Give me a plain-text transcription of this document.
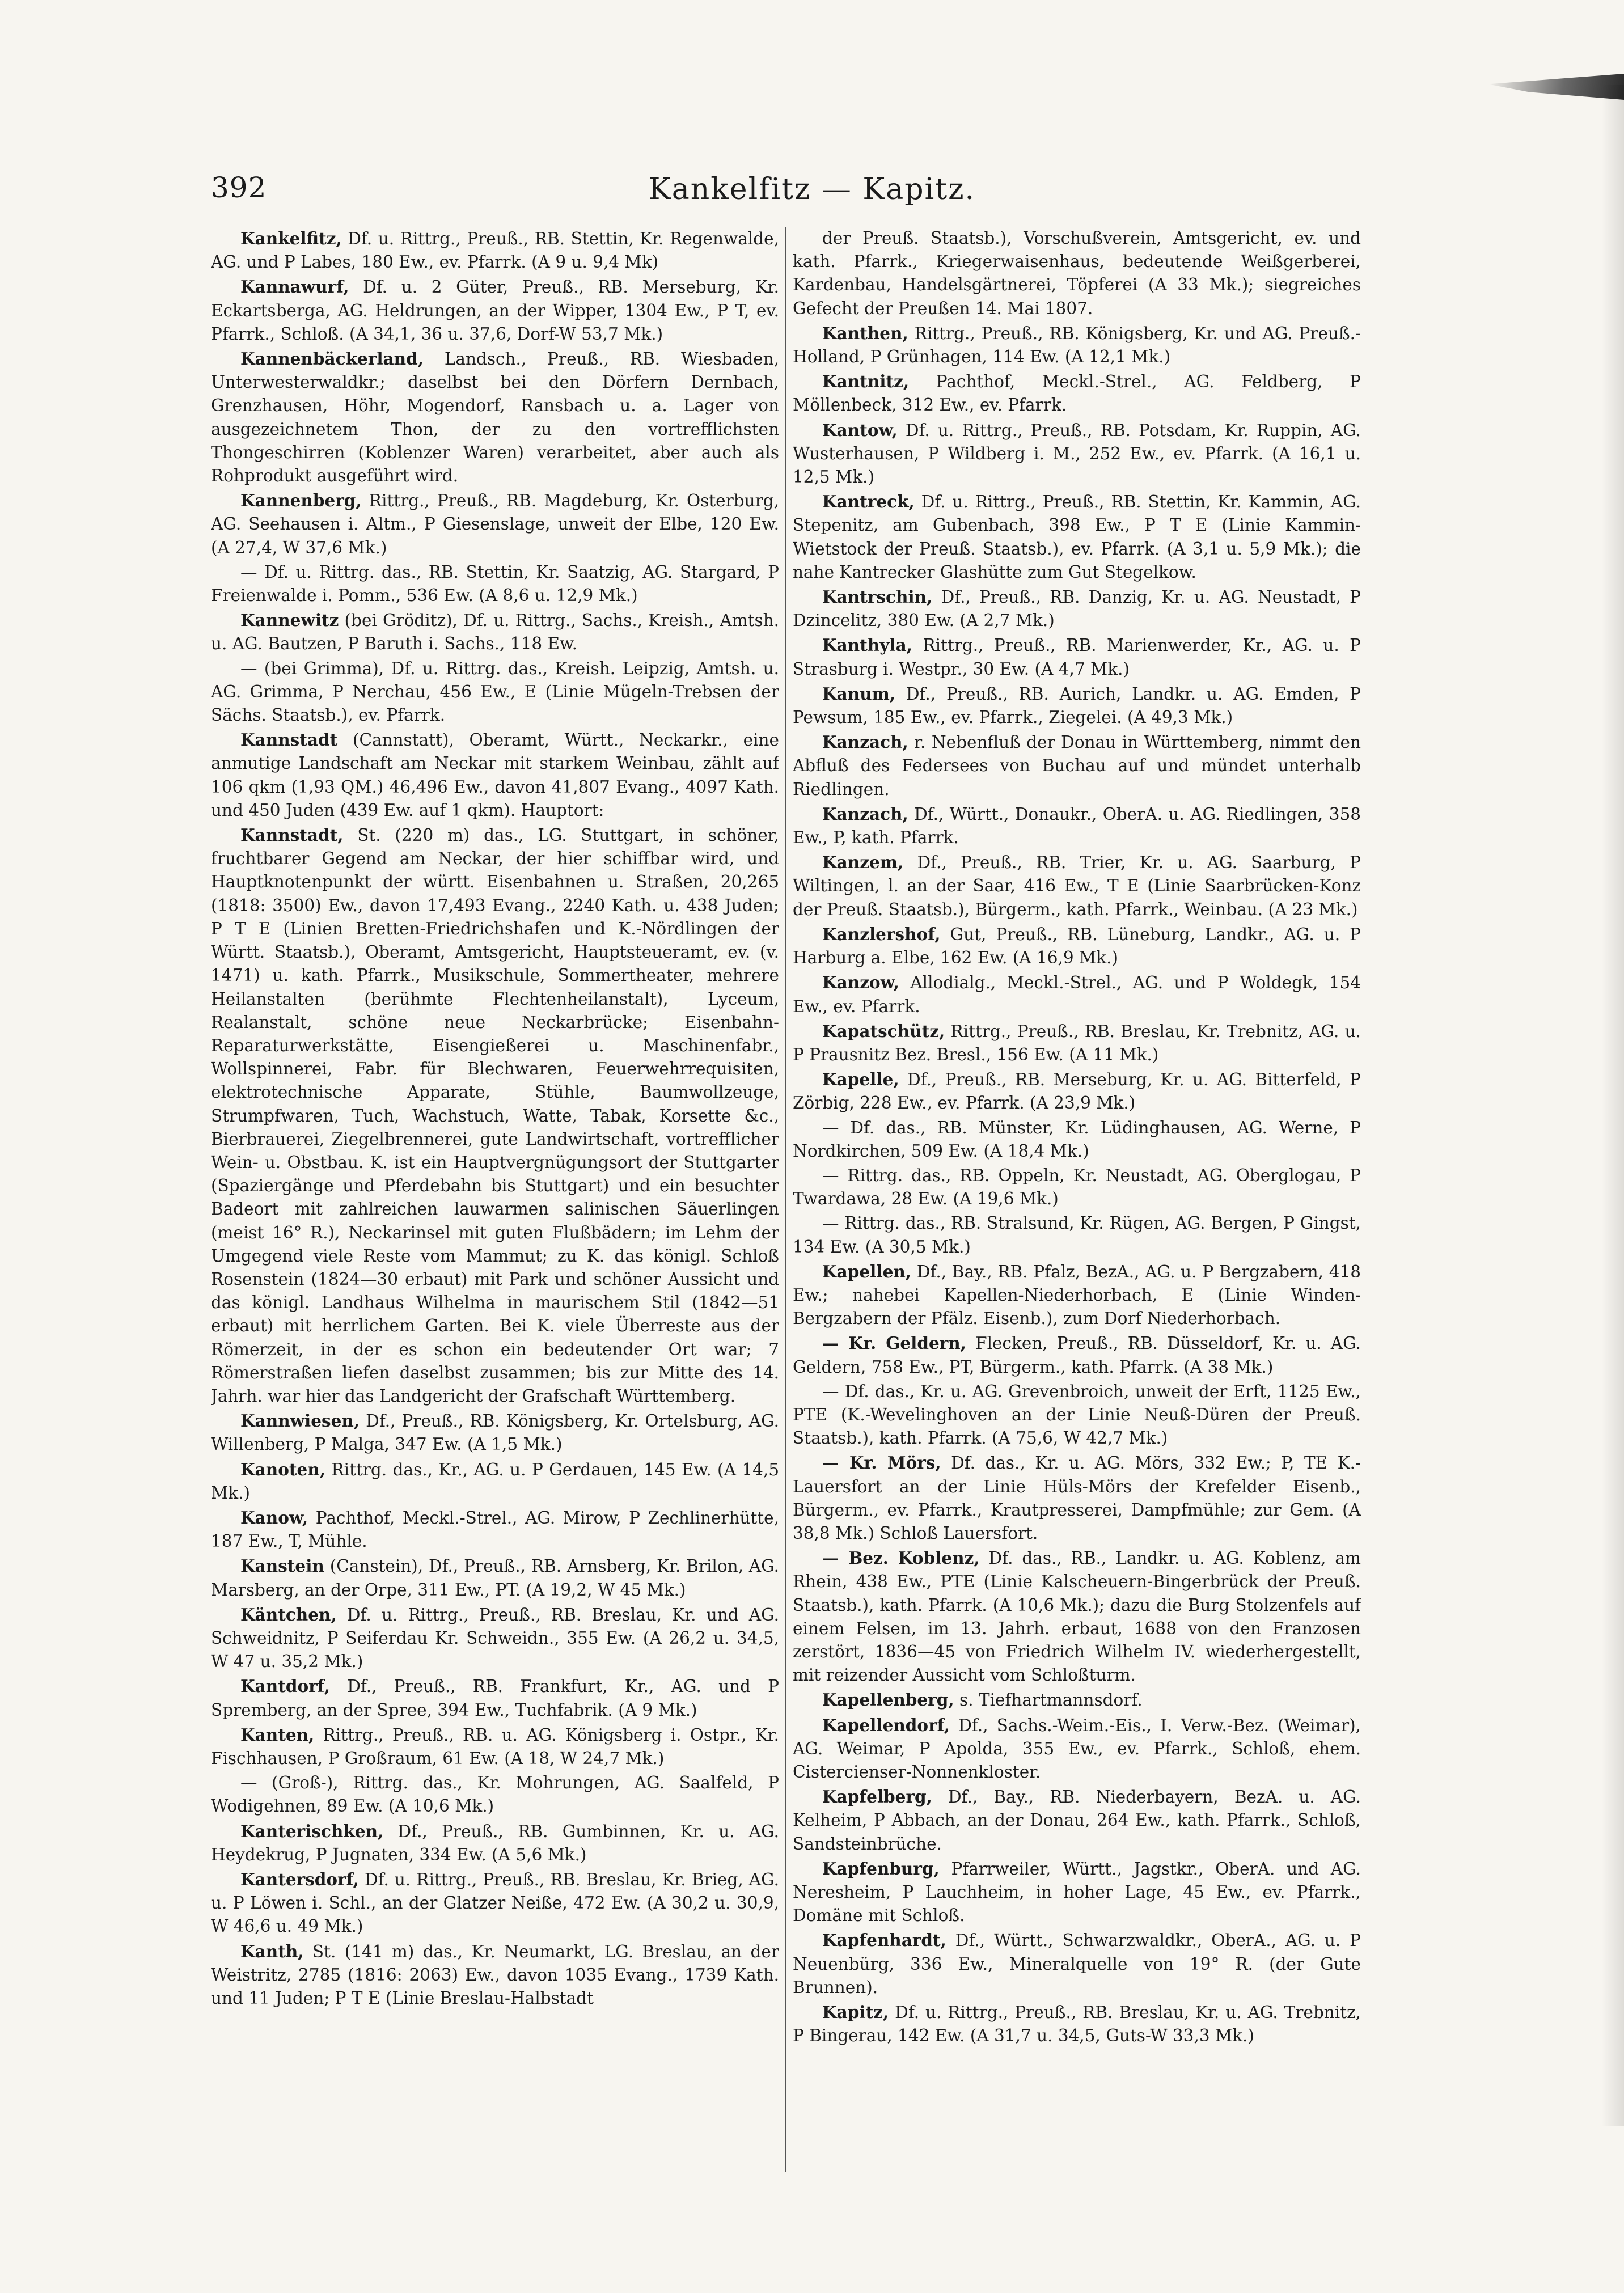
392	Kankelfitz — Kapitz.

Kankelfitz, Df. u. Rittrg., Preuß., RB. Stettin, Kr. Regenwalde, AG. und P Labes, 180 Ew., ev. Pfarrk. (A 9 u. 9,4 Mk)

Kannawurf, Df. u. 2 Güter, Preuß., RB. Merseburg, Kr. Eckartsberga, AG. Heldrungen, an der Wipper, 1304 Ew., P T, ev. Pfarrk., Schloß. (A 34,1, 36 u. 37,6, Dorf-W 53,7 Mk.)

Kannenbäckerland, Landsch., Preuß., RB. Wiesbaden, Unterwesterwaldkr.; daselbst bei den Dörfern Dernbach, Grenzhausen, Höhr, Mogendorf, Ransbach u. a. Lager von ausgezeichnetem Thon, der zu den vortrefflichsten Thongeschirren (Koblenzer Waren) verarbeitet, aber auch als Rohprodukt ausgeführt wird.

Kannenberg, Rittrg., Preuß., RB. Magdeburg, Kr. Osterburg, AG. Seehausen i. Altm., P Giesenslage, unweit der Elbe, 120 Ew. (A 27,4, W 37,6 Mk.)

— Df. u. Rittrg. das., RB. Stettin, Kr. Saatzig, AG. Stargard, P Freienwalde i. Pomm., 536 Ew. (A 8,6 u. 12,9 Mk.)

Kannewitz (bei Gröditz), Df. u. Rittrg., Sachs., Kreish., Amtsh. u. AG. Bautzen, P Baruth i. Sachs., 118 Ew.

— (bei Grimma), Df. u. Rittrg. das., Kreish. Leipzig, Amtsh. u. AG. Grimma, P Nerchau, 456 Ew., E (Linie Mügeln-Trebsen der Sächs. Staatsb.), ev. Pfarrk.

Kannstadt (Cannstatt), Oberamt, Württ., Neckarkr., eine anmutige Landschaft am Neckar mit starkem Weinbau, zählt auf 106 qkm (1,93 QM.) 46,496 Ew., davon 41,807 Evang., 4097 Kath. und 450 Juden (439 Ew. auf 1 qkm). Hauptort:

Kannstadt, St. (220 m) das., LG. Stuttgart, in schöner, fruchtbarer Gegend am Neckar, der hier schiffbar wird, und Hauptknotenpunkt der württ. Eisenbahnen u. Straßen, 20,265 (1818: 3500) Ew., davon 17,493 Evang., 2240 Kath. u. 438 Juden; P T E (Linien Bretten-Friedrichshafen und K.-Nördlingen der Württ. Staatsb.), Oberamt, Amtsgericht, Hauptsteueramt, ev. (v. 1471) u. kath. Pfarrk., Musikschule, Sommertheater, mehrere Heilanstalten (berühmte Flechtenheilanstalt), Lyceum, Realanstalt, schöne neue Neckarbrücke; Eisenbahn-Reparaturwerkstätte, Eisengießerei u. Maschinenfabr., Wollspinnerei, Fabr. für Blechwaren, Feuerwehrrequisiten, elektrotechnische Apparate, Stühle, Baumwollzeuge, Strumpfwaren, Tuch, Wachstuch, Watte, Tabak, Korsette &c., Bierbrauerei, Ziegelbrennerei, gute Landwirtschaft, vortrefflicher Wein- u. Obstbau. K. ist ein Hauptvergnügungsort der Stuttgarter (Spaziergänge und Pferdebahn bis Stuttgart) und ein besuchter Badeort mit zahlreichen lauwarmen salinischen Säuerlingen (meist 16° R.), Neckarinsel mit guten Flußbädern; im Lehm der Umgegend viele Reste vom Mammut; zu K. das königl. Schloß Rosenstein (1824—30 erbaut) mit Park und schöner Aussicht und das königl. Landhaus Wilhelma in maurischem Stil (1842—51 erbaut) mit herrlichem Garten. Bei K. viele Überreste aus der Römerzeit, in der es schon ein bedeutender Ort war; 7 Römerstraßen liefen daselbst zusammen; bis zur Mitte des 14. Jahrh. war hier das Landgericht der Grafschaft Württemberg.

Kannwiesen, Df., Preuß., RB. Königsberg, Kr. Ortelsburg, AG. Willenberg, P Malga, 347 Ew. (A 1,5 Mk.)

Kanoten, Rittrg. das., Kr., AG. u. P Gerdauen, 145 Ew. (A 14,5 Mk.)

Kanow, Pachthof, Meckl.-Strel., AG. Mirow, P Zechlinerhütte, 187 Ew., T, Mühle.

Kanstein (Canstein), Df., Preuß., RB. Arnsberg, Kr. Brilon, AG. Marsberg, an der Orpe, 311 Ew., PT. (A 19,2, W 45 Mk.)

Käntchen, Df. u. Rittrg., Preuß., RB. Breslau, Kr. und AG. Schweidnitz, P Seiferdau Kr. Schweidn., 355 Ew. (A 26,2 u. 34,5, W 47 u. 35,2 Mk.)

Kantdorf, Df., Preuß., RB. Frankfurt, Kr., AG. und P Spremberg, an der Spree, 394 Ew., Tuchfabrik. (A 9 Mk.)

Kanten, Rittrg., Preuß., RB. u. AG. Königsberg i. Ostpr., Kr. Fischhausen, P Großraum, 61 Ew. (A 18, W 24,7 Mk.)

— (Groß-), Rittrg. das., Kr. Mohrungen, AG. Saalfeld, P Wodigehnen, 89 Ew. (A 10,6 Mk.)

Kanterischken, Df., Preuß., RB. Gumbinnen, Kr. u. AG. Heydekrug, P Jugnaten, 334 Ew. (A 5,6 Mk.)

Kantersdorf, Df. u. Rittrg., Preuß., RB. Breslau, Kr. Brieg, AG. u. P Löwen i. Schl., an der Glatzer Neiße, 472 Ew. (A 30,2 u. 30,9, W 46,6 u. 49 Mk.)

Kanth, St. (141 m) das., Kr. Neumarkt, LG. Breslau, an der Weistritz, 2785 (1816: 2063) Ew., davon 1035 Evang., 1739 Kath. und 11 Juden; P T E (Linie Breslau-Halbstadt

der Preuß. Staatsb.), Vorschußverein, Amtsgericht, ev. und kath. Pfarrk., Kriegerwaisenhaus, bedeutende Weißgerberei, Kardenbau, Handelsgärtnerei, Töpferei (A 33 Mk.); siegreiches Gefecht der Preußen 14. Mai 1807.

Kanthen, Rittrg., Preuß., RB. Königsberg, Kr. und AG. Preuß.-Holland, P Grünhagen, 114 Ew. (A 12,1 Mk.)

Kantnitz, Pachthof, Meckl.-Strel., AG. Feldberg, P Möllenbeck, 312 Ew., ev. Pfarrk.

Kantow, Df. u. Rittrg., Preuß., RB. Potsdam, Kr. Ruppin, AG. Wusterhausen, P Wildberg i. M., 252 Ew., ev. Pfarrk. (A 16,1 u. 12,5 Mk.)

Kantreck, Df. u. Rittrg., Preuß., RB. Stettin, Kr. Kammin, AG. Stepenitz, am Gubenbach, 398 Ew., P T E (Linie Kammin-Wietstock der Preuß. Staatsb.), ev. Pfarrk. (A 3,1 u. 5,9 Mk.); die nahe Kantrecker Glashütte zum Gut Stegelkow.

Kantrschin, Df., Preuß., RB. Danzig, Kr. u. AG. Neustadt, P Dzincelitz, 380 Ew. (A 2,7 Mk.)

Kanthyla, Rittrg., Preuß., RB. Marienwerder, Kr., AG. u. P Strasburg i. Westpr., 30 Ew. (A 4,7 Mk.)

Kanum, Df., Preuß., RB. Aurich, Landkr. u. AG. Emden, P Pewsum, 185 Ew., ev. Pfarrk., Ziegelei. (A 49,3 Mk.)

Kanzach, r. Nebenfluß der Donau in Württemberg, nimmt den Abfluß des Federsees von Buchau auf und mündet unterhalb Riedlingen.

Kanzach, Df., Württ., Donaukr., OberA. u. AG. Riedlingen, 358 Ew., P, kath. Pfarrk.

Kanzem, Df., Preuß., RB. Trier, Kr. u. AG. Saarburg, P Wiltingen, l. an der Saar, 416 Ew., T E (Linie Saarbrücken-Konz der Preuß. Staatsb.), Bürgerm., kath. Pfarrk., Weinbau. (A 23 Mk.)

Kanzlershof, Gut, Preuß., RB. Lüneburg, Landkr., AG. u. P Harburg a. Elbe, 162 Ew. (A 16,9 Mk.)

Kanzow, Allodialg., Meckl.-Strel., AG. und P Woldegk, 154 Ew., ev. Pfarrk.

Kapatschütz, Rittrg., Preuß., RB. Breslau, Kr. Trebnitz, AG. u. P Prausnitz Bez. Bresl., 156 Ew. (A 11 Mk.)

Kapelle, Df., Preuß., RB. Merseburg, Kr. u. AG. Bitterfeld, P Zörbig, 228 Ew., ev. Pfarrk. (A 23,9 Mk.)

— Df. das., RB. Münster, Kr. Lüdinghausen, AG. Werne, P Nordkirchen, 509 Ew. (A 18,4 Mk.)

— Rittrg. das., RB. Oppeln, Kr. Neustadt, AG. Oberglogau, P Twardawa, 28 Ew. (A 19,6 Mk.)

— Rittrg. das., RB. Stralsund, Kr. Rügen, AG. Bergen, P Gingst, 134 Ew. (A 30,5 Mk.)

Kapellen, Df., Bay., RB. Pfalz, BezA., AG. u. P Bergzabern, 418 Ew.; nahebei Kapellen-Niederhorbach, E (Linie Winden-Bergzabern der Pfälz. Eisenb.), zum Dorf Niederhorbach.

— Kr. Geldern, Flecken, Preuß., RB. Düsseldorf, Kr. u. AG. Geldern, 758 Ew., PT, Bürgerm., kath. Pfarrk. (A 38 Mk.)

— Df. das., Kr. u. AG. Grevenbroich, unweit der Erft, 1125 Ew., PTE (K.-Wevelinghoven an der Linie Neuß-Düren der Preuß. Staatsb.), kath. Pfarrk. (A 75,6, W 42,7 Mk.)

— Kr. Mörs, Df. das., Kr. u. AG. Mörs, 332 Ew.; P, TE K.-Lauersfort an der Linie Hüls-Mörs der Krefelder Eisenb., Bürgerm., ev. Pfarrk., Krautpresserei, Dampfmühle; zur Gem. (A 38,8 Mk.) Schloß Lauersfort.

— Bez. Koblenz, Df. das., RB., Landkr. u. AG. Koblenz, am Rhein, 438 Ew., PTE (Linie Kalscheuern-Bingerbrück der Preuß. Staatsb.), kath. Pfarrk. (A 10,6 Mk.); dazu die Burg Stolzenfels auf einem Felsen, im 13. Jahrh. erbaut, 1688 von den Franzosen zerstört, 1836—45 von Friedrich Wilhelm IV. wiederhergestellt, mit reizender Aussicht vom Schloßturm.

Kapellenberg, s. Tiefhartmannsdorf.

Kapellendorf, Df., Sachs.-Weim.-Eis., I. Verw.-Bez. (Weimar), AG. Weimar, P Apolda, 355 Ew., ev. Pfarrk., Schloß, ehem. Cistercienser-Nonnenkloster.

Kapfelberg, Df., Bay., RB. Niederbayern, BezA. u. AG. Kelheim, P Abbach, an der Donau, 264 Ew., kath. Pfarrk., Schloß, Sandsteinbrüche.

Kapfenburg, Pfarrweiler, Württ., Jagstkr., OberA. und AG. Neresheim, P Lauchheim, in hoher Lage, 45 Ew., ev. Pfarrk., Domäne mit Schloß.

Kapfenhardt, Df., Württ., Schwarzwaldkr., OberA., AG. u. P Neuenbürg, 336 Ew., Mineralquelle von 19° R. (der Gute Brunnen).

Kapitz, Df. u. Rittrg., Preuß., RB. Breslau, Kr. u. AG. Trebnitz, P Bingerau, 142 Ew. (A 31,7 u. 34,5, Guts-W 33,3 Mk.)
